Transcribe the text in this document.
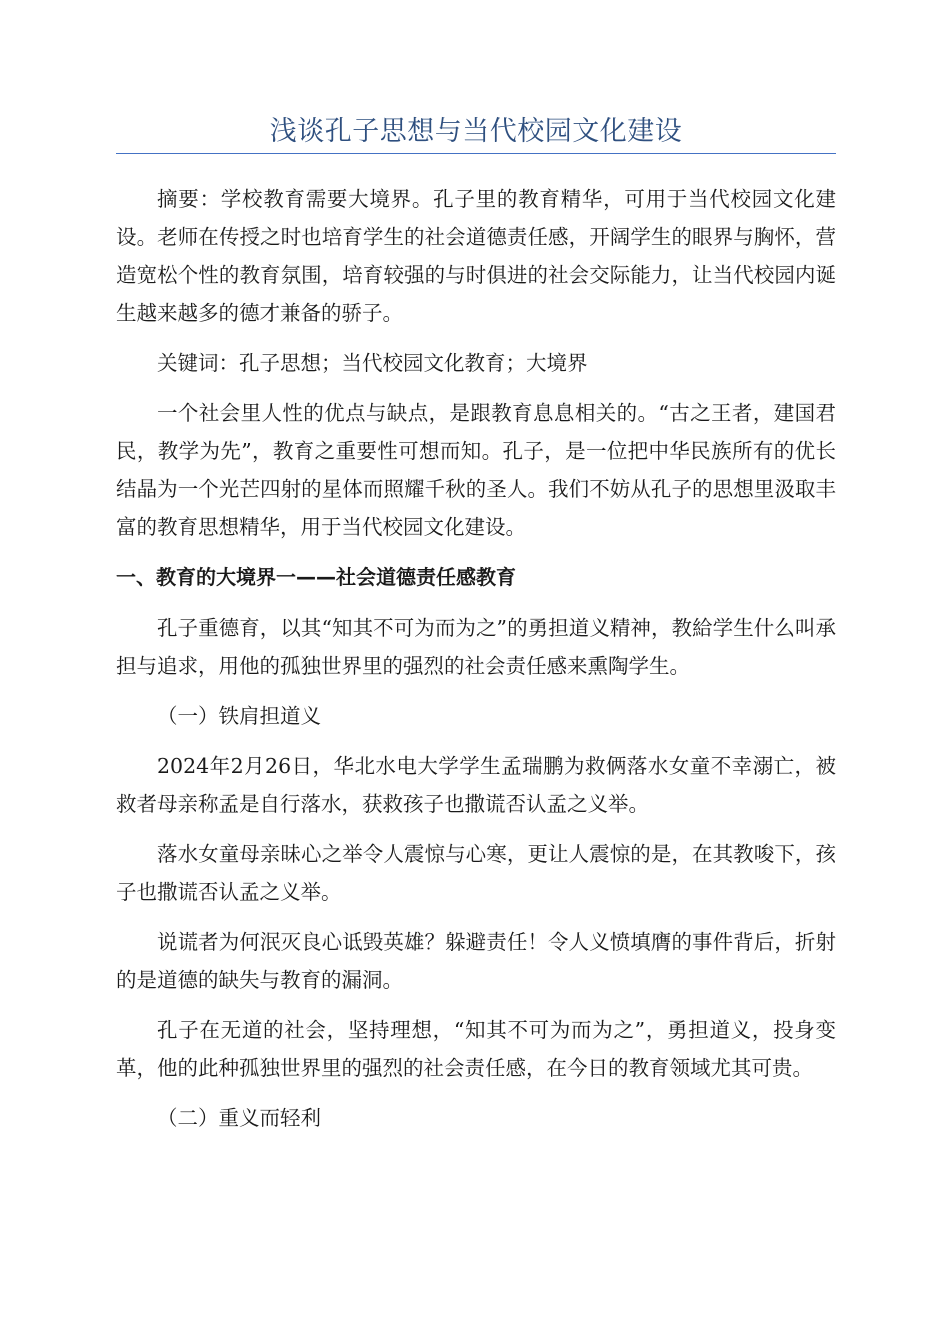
浅谈孔子思想与当代校园文化建设

摘要：学校教育需要大境界。孔子里的教育精华，可用于当代校园文化建设。老师在传授之时也培育学生的社会道德责任感，开阔学生的眼界与胸怀，营造宽松个性的教育氛围，培育较强的与时俱进的社会交际能力，让当代校园内诞生越来越多的德才兼备的骄子。

关键词：孔子思想；当代校园文化教育；大境界

一个社会里人性的优点与缺点，是跟教育息息相关的。“古之王者，建国君民，教学为先”，教育之重要性可想而知。孔子，是一位把中华民族所有的优长结晶为一个光芒四射的星体而照耀千秋的圣人。我们不妨从孔子的思想里汲取丰富的教育思想精华，用于当代校园文化建设。

一、教育的大境界一——社会道德责任感教育

孔子重德育，以其“知其不可为而为之”的勇担道义精神，教給学生什么叫承担与追求，用他的孤独世界里的强烈的社会责任感来熏陶学生。

（一）铁肩担道义

2024年2月26日，华北水电大学学生孟瑞鹏为救俩落水女童不幸溺亡，被救者母亲称孟是自行落水，获救孩子也撒谎否认孟之义举。

落水女童母亲昧心之举令人震惊与心寒，更让人震惊的是，在其教唆下，孩子也撒谎否认孟之义举。

说谎者为何泯灭良心诋毁英雄？躲避责任！令人义愤填膺的事件背后，折射的是道德的缺失与教育的漏洞。

孔子在无道的社会，坚持理想，“知其不可为而为之”，勇担道义，投身变革，他的此种孤独世界里的强烈的社会责任感，在今日的教育领域尤其可贵。

（二）重义而轻利
